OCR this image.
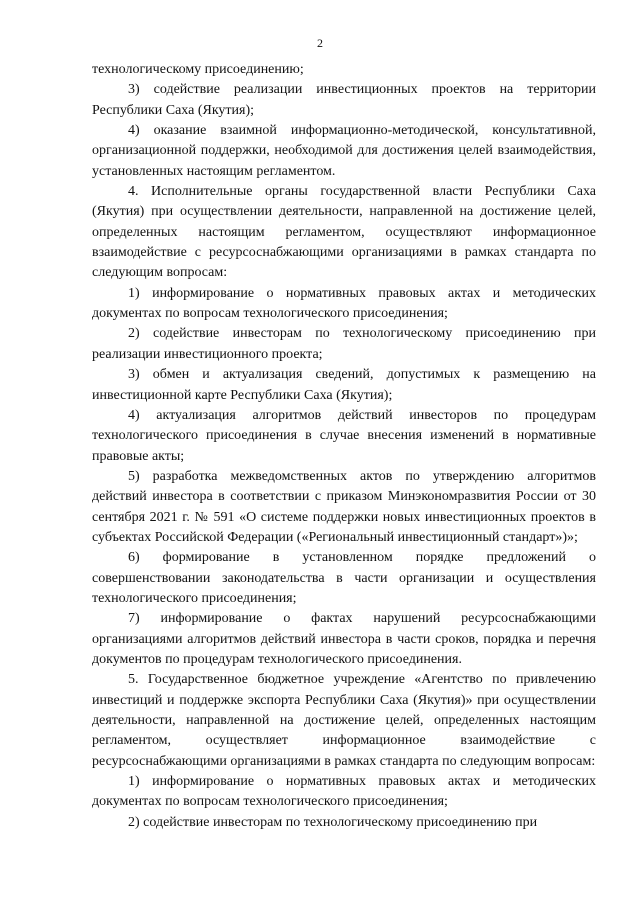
2

технологическому присоединению;

3) содействие реализации инвестиционных проектов на территории Республики Саха (Якутия);

4) оказание взаимной информационно-методической, консультативной, организационной поддержки, необходимой для достижения целей взаимодействия, установленных настоящим регламентом.

4. Исполнительные органы государственной власти Республики Саха (Якутия) при осуществлении деятельности, направленной на достижение целей, определенных настоящим регламентом, осуществляют информационное взаимодействие с ресурсоснабжающими организациями в рамках стандарта по следующим вопросам:

1) информирование о нормативных правовых актах и методических документах по вопросам технологического присоединения;

2) содействие инвесторам по технологическому присоединению при реализации инвестиционного проекта;

3) обмен и актуализация сведений, допустимых к размещению на инвестиционной карте Республики Саха (Якутия);

4) актуализация алгоритмов действий инвесторов по процедурам технологического присоединения в случае внесения изменений в нормативные правовые акты;

5) разработка межведомственных актов по утверждению алгоритмов действий инвестора в соответствии с приказом Минэкономразвития России от 30 сентября 2021 г. № 591 «О системе поддержки новых инвестиционных проектов в субъектах Российской Федерации («Региональный инвестиционный стандарт»)»;

6) формирование в установленном порядке предложений о совершенствовании законодательства в части организации и осуществления технологического присоединения;

7) информирование о фактах нарушений ресурсоснабжающими организациями алгоритмов действий инвестора в части сроков, порядка и перечня документов по процедурам технологического присоединения.

5. Государственное бюджетное учреждение «Агентство по привлечению инвестиций и поддержке экспорта Республики Саха (Якутия)» при осуществлении деятельности, направленной на достижение целей, определенных настоящим регламентом, осуществляет информационное взаимодействие с ресурсоснабжающими организациями в рамках стандарта по следующим вопросам:

1) информирование о нормативных правовых актах и методических документах по вопросам технологического присоединения;

2) содействие инвесторам по технологическому присоединению при
